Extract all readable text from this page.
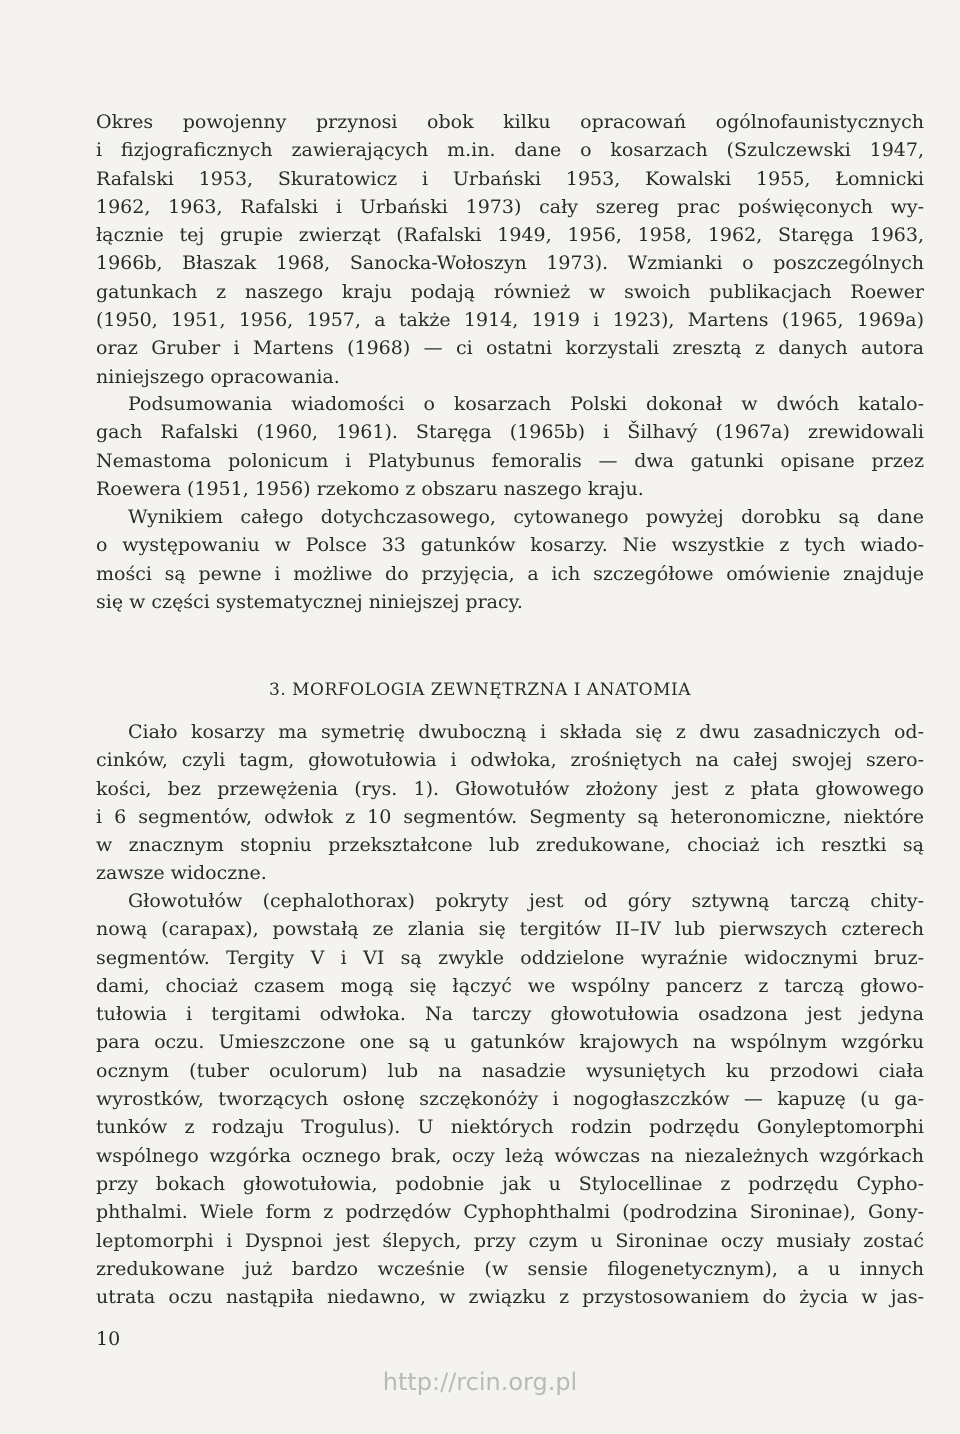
Okres powojenny przynosi obok kilku opracowań ogólnofaunistycznych
i fizjograficznych zawierających m.in. dane o kosarzach (Szulczewski 1947,
Rafalski 1953, Skuratowicz i Urbański 1953, Kowalski 1955, Łomnicki
1962, 1963, Rafalski i Urbański 1973) cały szereg prac poświęconych wy-
łącznie tej grupie zwierząt (Rafalski 1949, 1956, 1958, 1962, Staręga 1963,
1966b, Błaszak 1968, Sanocka-Wołoszyn 1973). Wzmianki o poszczególnych
gatunkach z naszego kraju podają również w swoich publikacjach Roewer
(1950, 1951, 1956, 1957, a także 1914, 1919 i 1923), Martens (1965, 1969a)
oraz Gruber i Martens (1968) — ci ostatni korzystali zresztą z danych autora
niniejszego opracowania.
Podsumowania wiadomości o kosarzach Polski dokonał w dwóch katalo-
gach Rafalski (1960, 1961). Staręga (1965b) i Šilhavý (1967a) zrewidowali
Nemastoma polonicum i Platybunus femoralis — dwa gatunki opisane przez
Roewera (1951, 1956) rzekomo z obszaru naszego kraju.
Wynikiem całego dotychczasowego, cytowanego powyżej dorobku są dane
o występowaniu w Polsce 33 gatunków kosarzy. Nie wszystkie z tych wiado-
mości są pewne i możliwe do przyjęcia, a ich szczegółowe omówienie znajduje
się w części systematycznej niniejszej pracy.
3. MORFOLOGIA ZEWNĘTRZNA I ANATOMIA
Ciało kosarzy ma symetrię dwuboczną i składa się z dwu zasadniczych od-
cinków, czyli tagm, głowotułowia i odwłoka, zrośniętych na całej swojej szero-
kości, bez przewężenia (rys. 1). Głowotułów złożony jest z płata głowowego
i 6 segmentów, odwłok z 10 segmentów. Segmenty są heteronomiczne, niektóre
w znacznym stopniu przekształcone lub zredukowane, chociaż ich resztki są
zawsze widoczne.
Głowotułów (cephalothorax) pokryty jest od góry sztywną tarczą chity-
nową (carapax), powstałą ze zlania się tergitów II–IV lub pierwszych czterech
segmentów. Tergity V i VI są zwykle oddzielone wyraźnie widocznymi bruz-
dami, chociaż czasem mogą się łączyć we wspólny pancerz z tarczą głowo-
tułowia i tergitami odwłoka. Na tarczy głowotułowia osadzona jest jedyna
para oczu. Umieszczone one są u gatunków krajowych na wspólnym wzgórku
ocznym (tuber oculorum) lub na nasadzie wysuniętych ku przodowi ciała
wyrostków, tworzących osłonę szczękonóży i nogogłaszczków — kapuzę (u ga-
tunków z rodzaju Trogulus). U niektórych rodzin podrzędu Gonyleptomorphi
wspólnego wzgórka ocznego brak, oczy leżą wówczas na niezależnych wzgórkach
przy bokach głowotułowia, podobnie jak u Stylocellinae z podrzędu Cypho-
phthalmi. Wiele form z podrzędów Cyphophthalmi (podrodzina Sironinae), Gony-
leptomorphi i Dyspnoi jest ślepych, przy czym u Sironinae oczy musiały zostać
zredukowane już bardzo wcześnie (w sensie filogenetycznym), a u innych
utrata oczu nastąpiła niedawno, w związku z przystosowaniem do życia w jas-
10
http://rcin.org.pl
